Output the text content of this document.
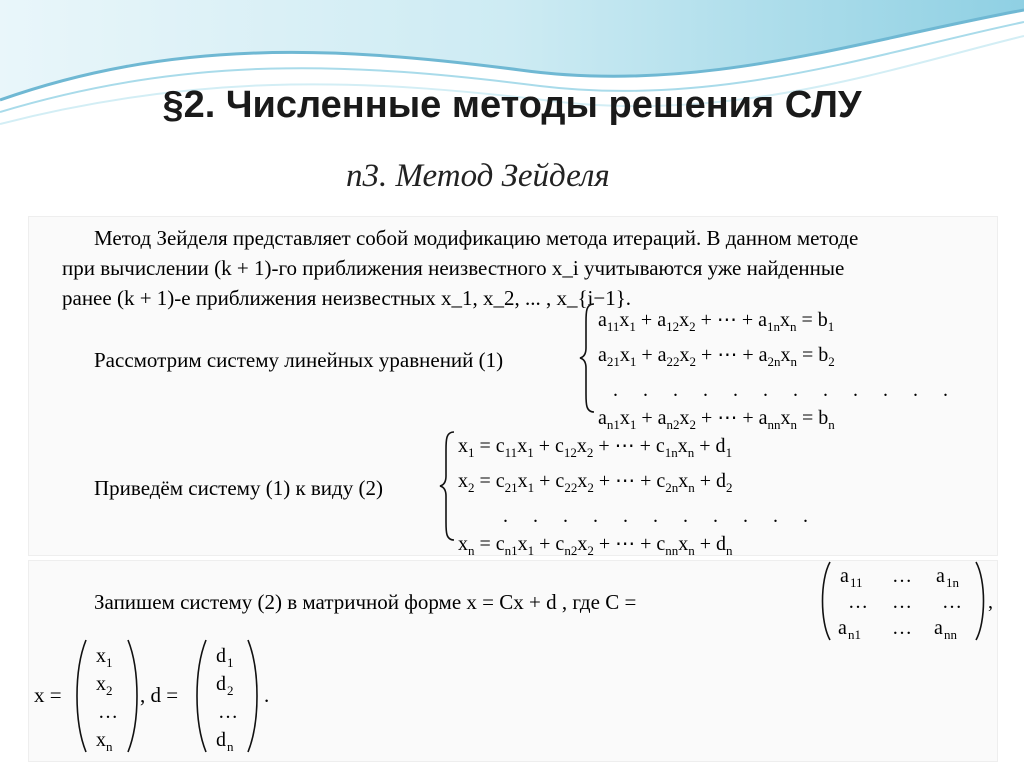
§2. Численные методы решения СЛУ
п3. Метод Зейделя
Метод Зейделя представляет собой модификацию метода итераций. В данном методе
при вычислении (k + 1)-го приближения неизвестного x_i учитываются уже найденные
ранее (k + 1)-е приближения неизвестных x_1, x_2, ... , x_{i−1}.
Рассмотрим систему линейных уравнений (1)
$a_{11}x_1 + a_{12}x_2$ + ⋯ + $a_{1n}x_n = b_1$
$a_{21}x_1 + a_{22}x_2$ + ⋯ + $a_{2n}x_n = b_2$
. . . . . . . . . . . .
$a_{n1}x_1 + a_{n2}x_2$ + ⋯ + $a_{nn}x_n = b_n$
Приведём систему (1) к виду (2)
$x_1 = c_{11}x_1 + c_{12}x_2$ + ⋯ + $c_{1n}x_n + d_1$
$x_2 = c_{21}x_1 + c_{22}x_2$ + ⋯ + $c_{2n}x_n + d_2$
. . . . . . . . . . .
$x_n = c_{n1}x_1 + c_{n2}x_2$ + ⋯ + $c_{nn}x_n + d_n$
Запишем систему (2) в матричной форме x = Cx + d , где C =
a 11 … a 1n
… … …
a n1 … a nn
,
x =
x 1
x 2
…
x n
, d =
d 1
d 2
…
d n
.
